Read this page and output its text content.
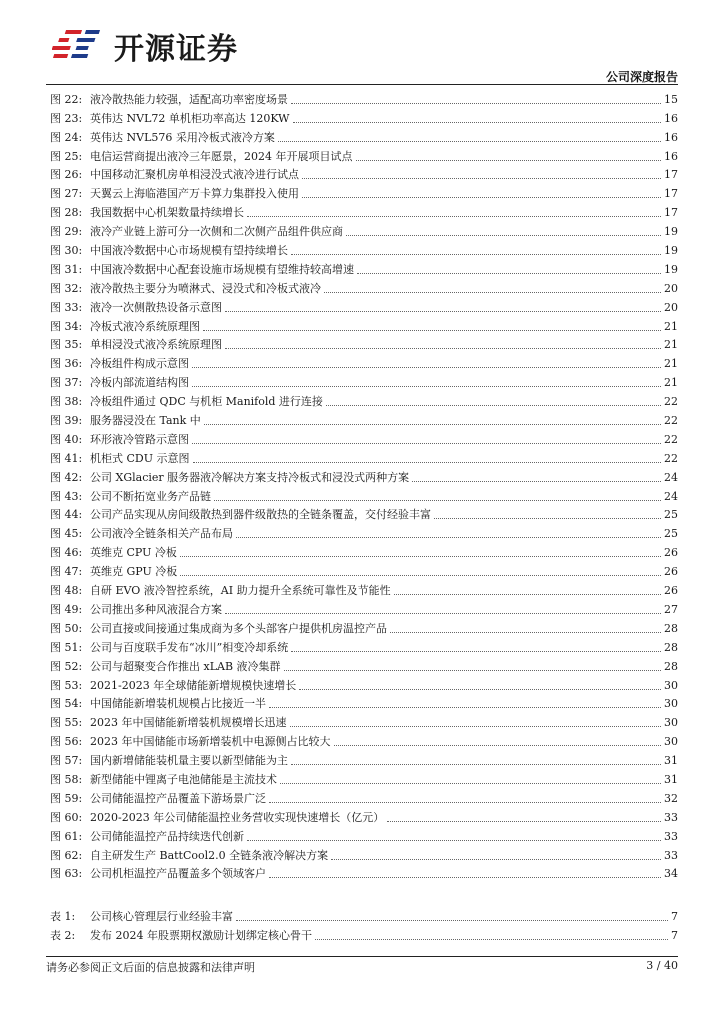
开源证券
公司深度报告
图 22: 液冷散热能力较强，适配高功率密度场景	15
图 23: 英伟达 NVL72 单机柜功率高达 120KW	16
图 24: 英伟达 NVL576 采用冷板式液冷方案	16
图 25: 电信运营商提出液冷三年愿景，2024 年开展项目试点	16
图 26: 中国移动汇聚机房单相浸没式液冷进行试点	17
图 27: 天翼云上海临港国产万卡算力集群投入使用	17
图 28: 我国数据中心机架数量持续增长	17
图 29: 液冷产业链上游可分一次侧和二次侧产品组件供应商	19
图 30: 中国液冷数据中心市场规模有望持续增长	19
图 31: 中国液冷数据中心配套设施市场规模有望维持较高增速	19
图 32: 液冷散热主要分为喷淋式、浸没式和冷板式液冷	20
图 33: 液冷一次侧散热设备示意图	20
图 34: 冷板式液冷系统原理图	21
图 35: 单相浸没式液冷系统原理图	21
图 36: 冷板组件构成示意图	21
图 37: 冷板内部流道结构图	21
图 38: 冷板组件通过 QDC 与机柜 Manifold 进行连接	22
图 39: 服务器浸没在 Tank 中	22
图 40: 环形液冷管路示意图	22
图 41: 机柜式 CDU 示意图	22
图 42: 公司 XGlacier 服务器液冷解决方案支持冷板式和浸没式两种方案	24
图 43: 公司不断拓宽业务产品链	24
图 44: 公司产品实现从房间级散热到器件级散热的全链条覆盖，交付经验丰富	25
图 45: 公司液冷全链条相关产品布局	25
图 46: 英维克 CPU 冷板	26
图 47: 英维克 GPU 冷板	26
图 48: 自研 EVO 液冷智控系统，AI 助力提升全系统可靠性及节能性	26
图 49: 公司推出多种风液混合方案	27
图 50: 公司直接或间接通过集成商为多个头部客户提供机房温控产品	28
图 51: 公司与百度联手发布“冰川”相变冷却系统	28
图 52: 公司与超聚变合作推出 xLAB 液冷集群	28
图 53: 2021-2023 年全球储能新增规模快速增长	30
图 54: 中国储能新增装机规模占比接近一半	30
图 55: 2023 年中国储能新增装机规模增长迅速	30
图 56: 2023 年中国储能市场新增装机中电源侧占比较大	30
图 57: 国内新增储能装机量主要以新型储能为主	31
图 58: 新型储能中锂离子电池储能是主流技术	31
图 59: 公司储能温控产品覆盖下游场景广泛	32
图 60: 2020-2023 年公司储能温控业务营收实现快速增长（亿元）	33
图 61: 公司储能温控产品持续迭代创新	33
图 62: 自主研发生产 BattCool2.0 全链条液冷解决方案	33
图 63: 公司机柜温控产品覆盖多个领域客户	34
表 1:	公司核心管理层行业经验丰富	7
表 2:	发布 2024 年股票期权激励计划绑定核心骨干	7
请务必参阅正文后面的信息披露和法律声明	3 / 40
